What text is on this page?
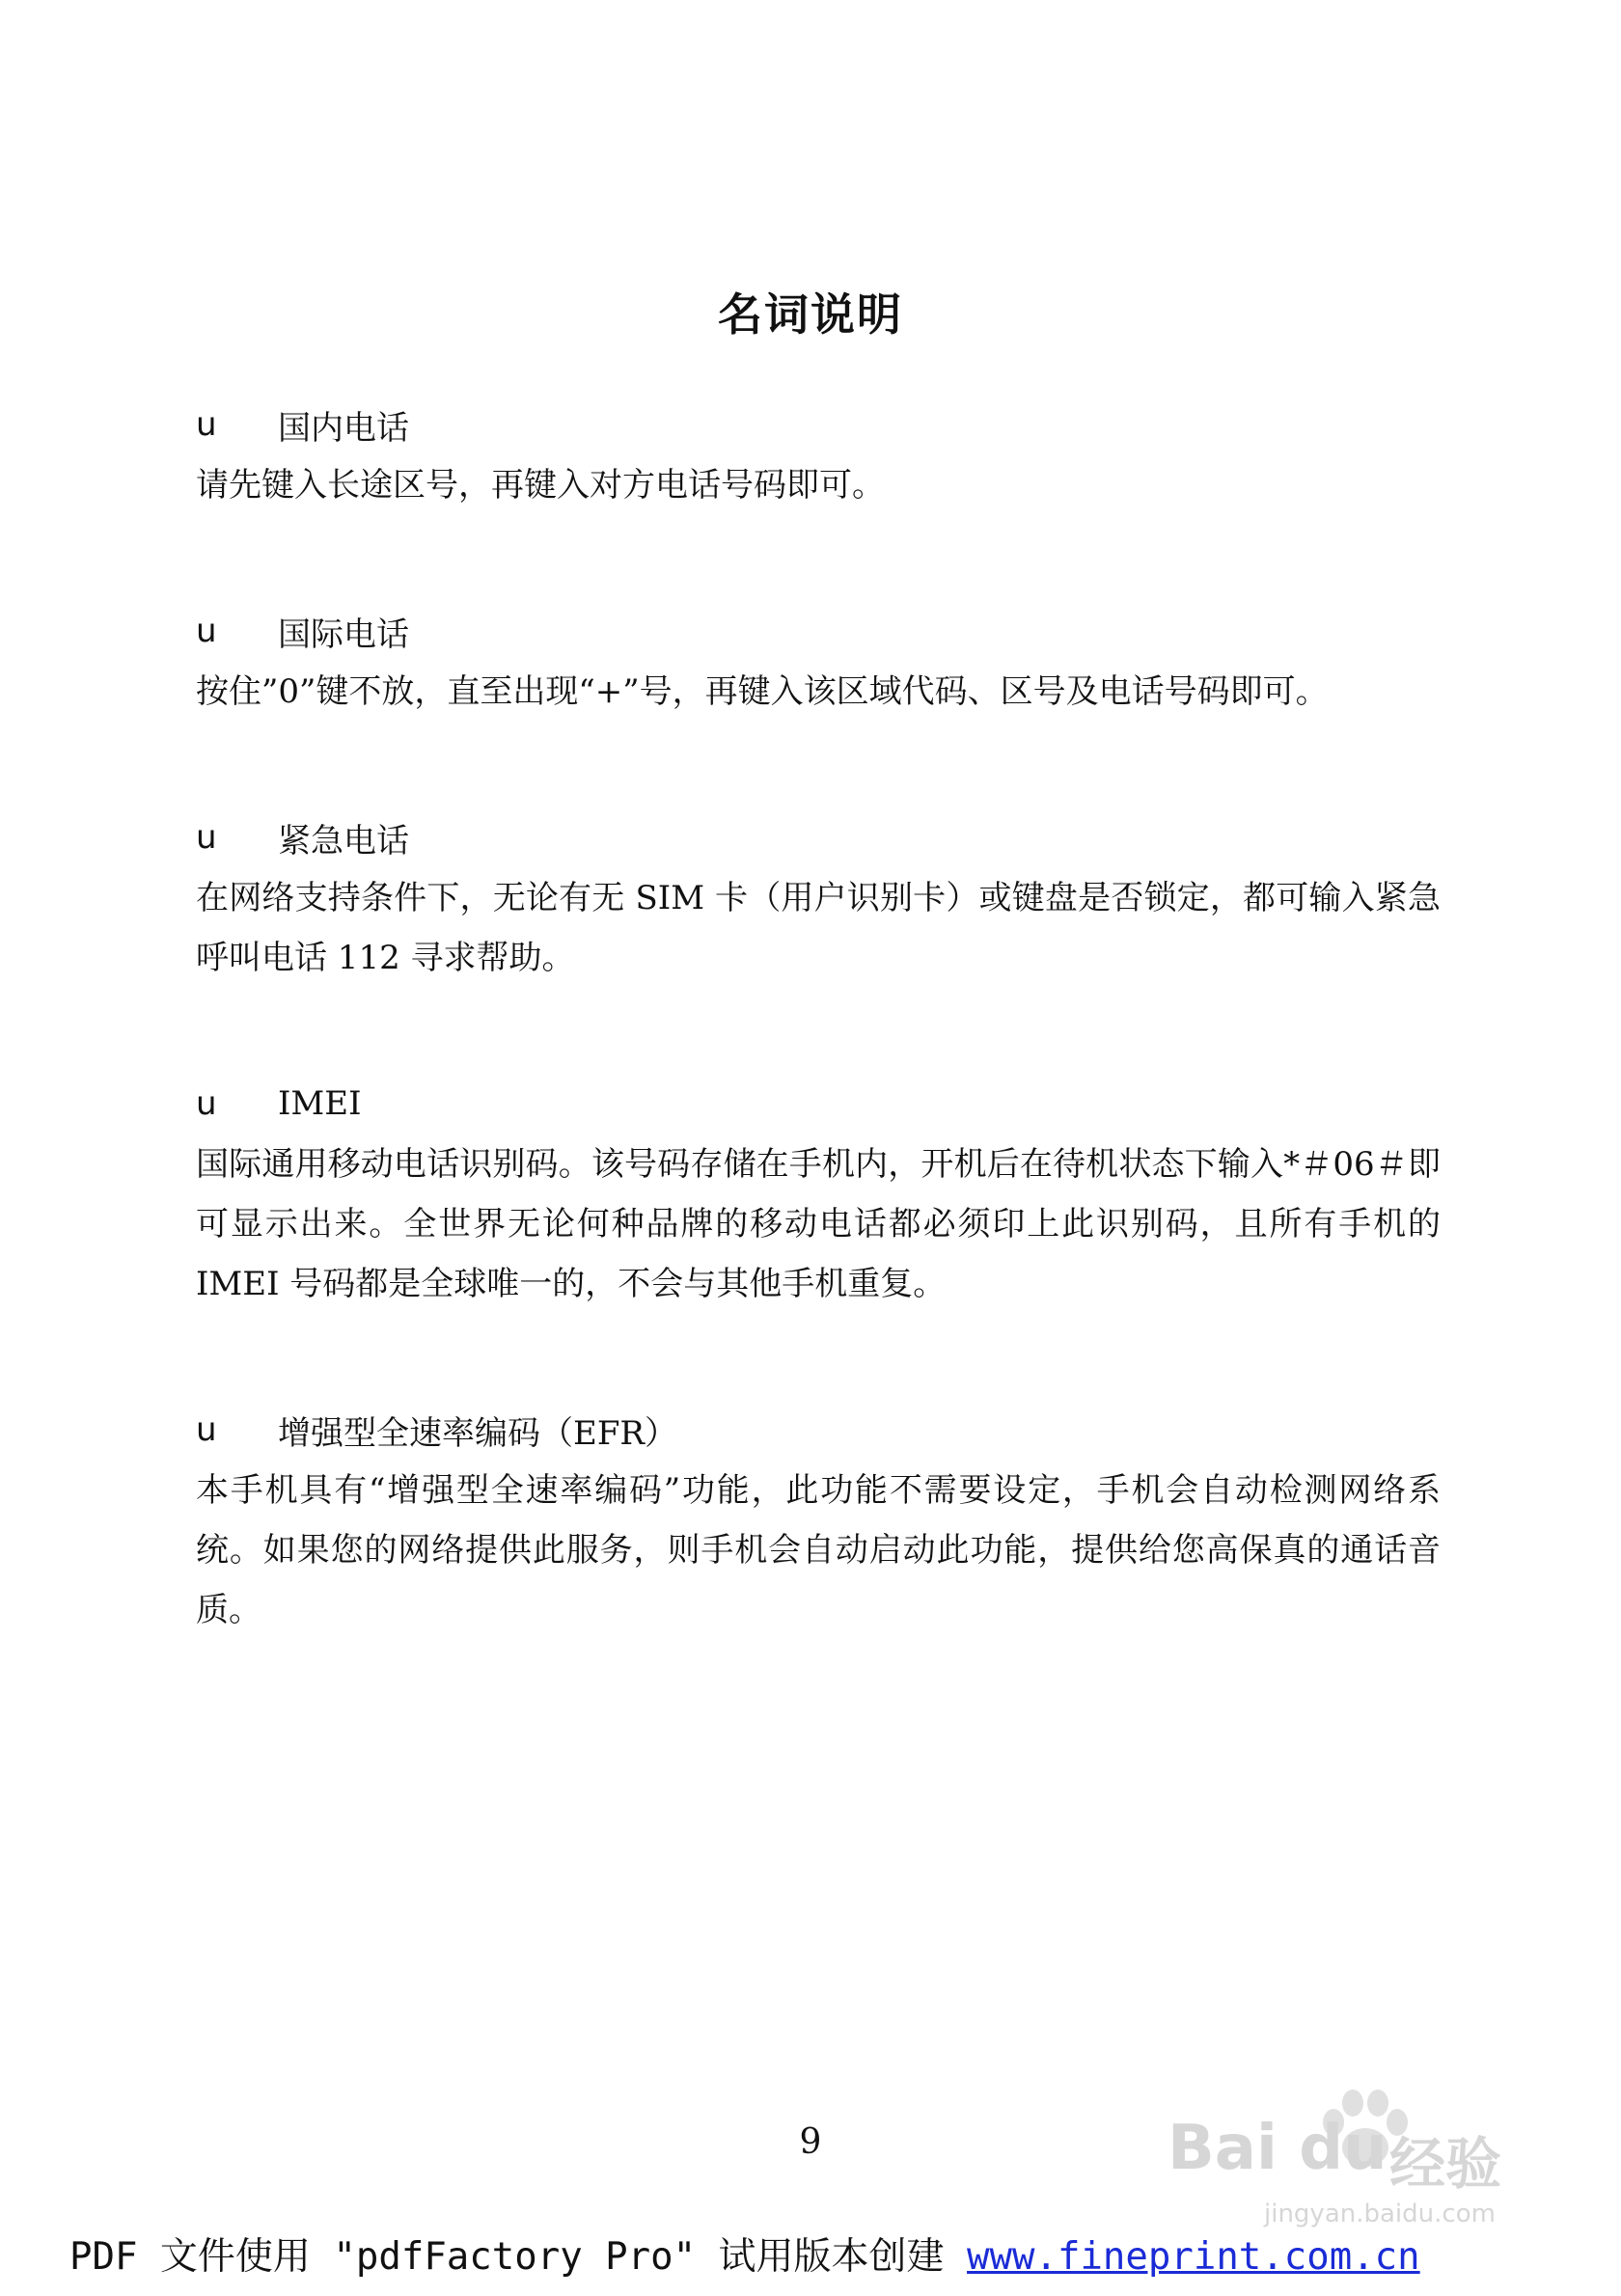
名词说明
u	国内电话
请先键入长途区号，再键入对方电话号码即可。
u	国际电话
按住”0”键不放，直至出现“+”号，再键入该区域代码、区号及电话号码即可。
u	紧急电话
在网络支持条件下，无论有无 SIM 卡（用户识别卡）或键盘是否锁定，都可输入紧急呼叫电话 112 寻求帮助。
u	IMEI
国际通用移动电话识别码。该号码存储在手机内，开机后在待机状态下输入*＃06＃即可显示出来。全世界无论何种品牌的移动电话都必须印上此识别码，且所有手机的 IMEI 号码都是全球唯一的，不会与其他手机重复。
u	增强型全速率编码（EFR）
本手机具有“增强型全速率编码”功能，此功能不需要设定，手机会自动检测网络系统。如果您的网络提供此服务，则手机会自动启动此功能，提供给您高保真的通话音质。
9	Bai du 经验
jingyan.baidu.com
PDF 文件使用 "pdfFactory Pro" 试用版本创建 www.fineprint.com.cn
